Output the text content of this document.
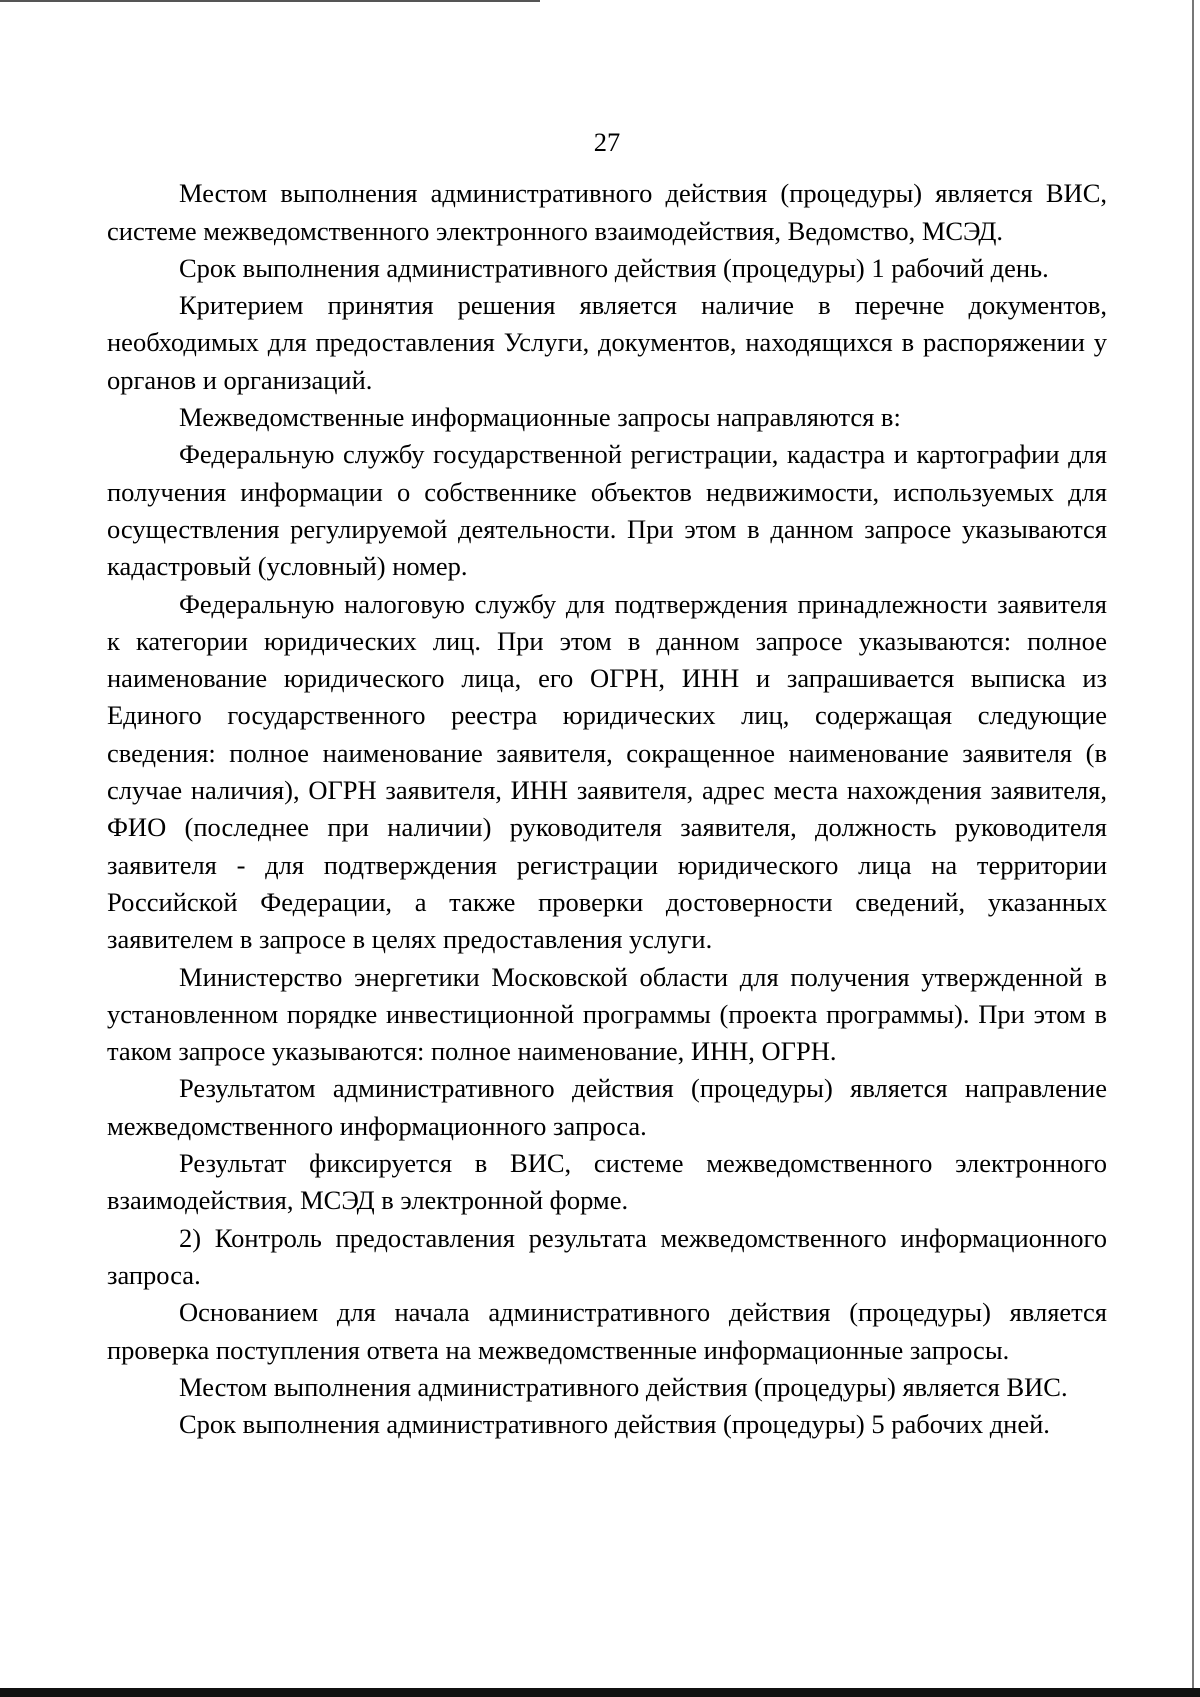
27

Местом выполнения административного действия (процедуры) является ВИС, системе межведомственного электронного взаимодействия, Ведомство, МСЭД.

Срок выполнения административного действия (процедуры) 1 рабочий день.

Критерием принятия решения является наличие в перечне документов, необходимых для предоставления Услуги, документов, находящихся в распоряжении у органов и организаций.

Межведомственные информационные запросы направляются в:

Федеральную службу государственной регистрации, кадастра и картографии для получения информации о собственнике объектов недвижимости, используемых для осуществления регулируемой деятельности. При этом в данном запросе указываются кадастровый (условный) номер.

Федеральную налоговую службу для подтверждения принадлежности заявителя к категории юридических лиц. При этом в данном запросе указываются: полное наименование юридического лица, его ОГРН, ИНН и запрашивается выписка из Единого государственного реестра юридических лиц, содержащая следующие сведения: полное наименование заявителя, сокращенное наименование заявителя (в случае наличия), ОГРН заявителя, ИНН заявителя, адрес места нахождения заявителя, ФИО (последнее при наличии) руководителя заявителя, должность руководителя заявителя - для подтверждения регистрации юридического лица на территории Российской Федерации, а также проверки достоверности сведений, указанных заявителем в запросе в целях предоставления услуги.

Министерство энергетики Московской области для получения утвержденной в установленном порядке инвестиционной программы (проекта программы). При этом в таком запросе указываются: полное наименование, ИНН, ОГРН.

Результатом административного действия (процедуры) является направление межведомственного информационного запроса.

Результат фиксируется в ВИС, системе межведомственного электронного взаимодействия, МСЭД в электронной форме.

2) Контроль предоставления результата межведомственного информационного запроса.

Основанием для начала административного действия (процедуры) является проверка поступления ответа на межведомственные информационные запросы.

Местом выполнения административного действия (процедуры) является ВИС.

Срок выполнения административного действия (процедуры) 5 рабочих дней.
